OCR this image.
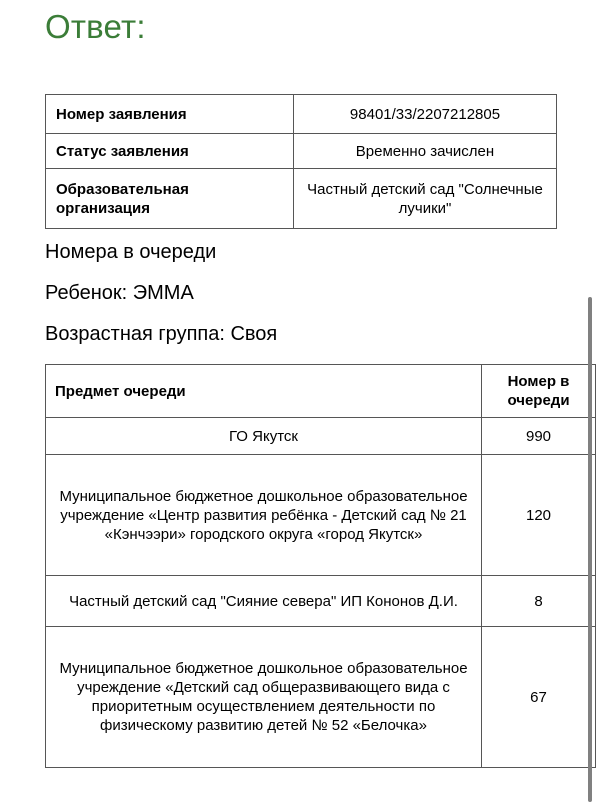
Ответ:
Номер заявления	98401/33/2207212805
Статус заявления	Временно зачислен
Образовательная организация	Частный детский сад "Солнечные лучики"

Номера в очереди

Ребенок: ЭММА

Возрастная группа: Своя

Предмет очереди	Номер в очереди
ГО Якутск	990
Муниципальное бюджетное дошкольное образовательное учреждение «Центр развития ребёнка - Детский сад № 21 «Кэнчээри» городского округа «город Якутск»	120
Частный детский сад "Сияние севера" ИП Кононов Д.И.	8
Муниципальное бюджетное дошкольное образовательное учреждение «Детский сад общеразвивающего вида с приоритетным осуществлением деятельности по физическому развитию детей № 52 «Белочка»	67
